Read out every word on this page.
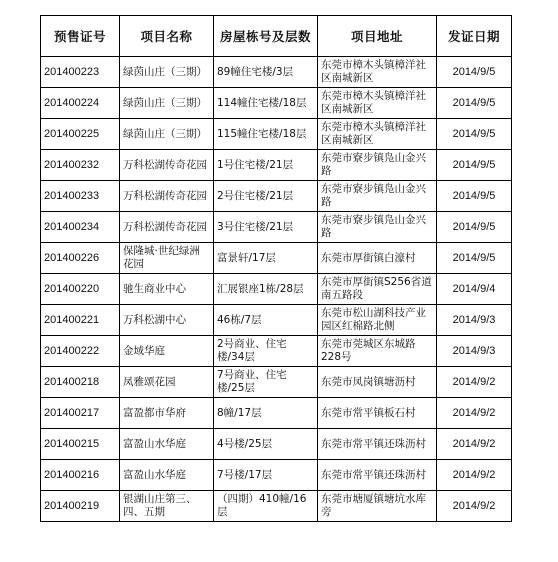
预售证号	项目名称	房屋栋号及层数	项目地址	发证日期
201400223	绿茵山庄（三期）	89幢住宅楼/3层	东莞市樟木头镇樟洋社区南城新区	2014/9/5
201400224	绿茵山庄（三期）	114幢住宅楼/18层	东莞市樟木头镇樟洋社区南城新区	2014/9/5
201400225	绿茵山庄（三期）	115幢住宅楼/18层	东莞市樟木头镇樟洋社区南城新区	2014/9/5
201400232	万科松湖传奇花园	1号住宅楼/21层	东莞市寮步镇凫山金兴路	2014/9/5
201400233	万科松湖传奇花园	2号住宅楼/21层	东莞市寮步镇凫山金兴路	2014/9/5
201400234	万科松湖传奇花园	3号住宅楼/21层	东莞市寮步镇凫山金兴路	2014/9/5
201400226	保隆城·世纪绿洲花园	富景轩/17层	东莞市厚街镇白濠村	2014/9/5
201400220	驰生商业中心	汇展银座1栋/28层	东莞市厚街镇S256省道南五路段	2014/9/4
201400221	万科松湖中心	46栋/7层	东莞市松山湖科技产业园区红棉路北侧	2014/9/3
201400222	金域华庭	2号商业、住宅楼/34层	东莞市莞城区东城路228号	2014/9/3
201400218	凤雅颂花园	7号商业、住宅楼/25层	东莞市凤岗镇塘沥村	2014/9/2
201400217	富盈都市华府	8幢/17层	东莞市常平镇板石村	2014/9/2
201400215	富盈山水华庭	4号楼/25层	东莞市常平镇还珠沥村	2014/9/2
201400216	富盈山水华庭	7号楼/17层	东莞市常平镇还珠沥村	2014/9/2
201400219	银湖山庄第三、四、五期	（四期）410幢/16层	东莞市塘厦镇塘坑水库旁	2014/9/2
